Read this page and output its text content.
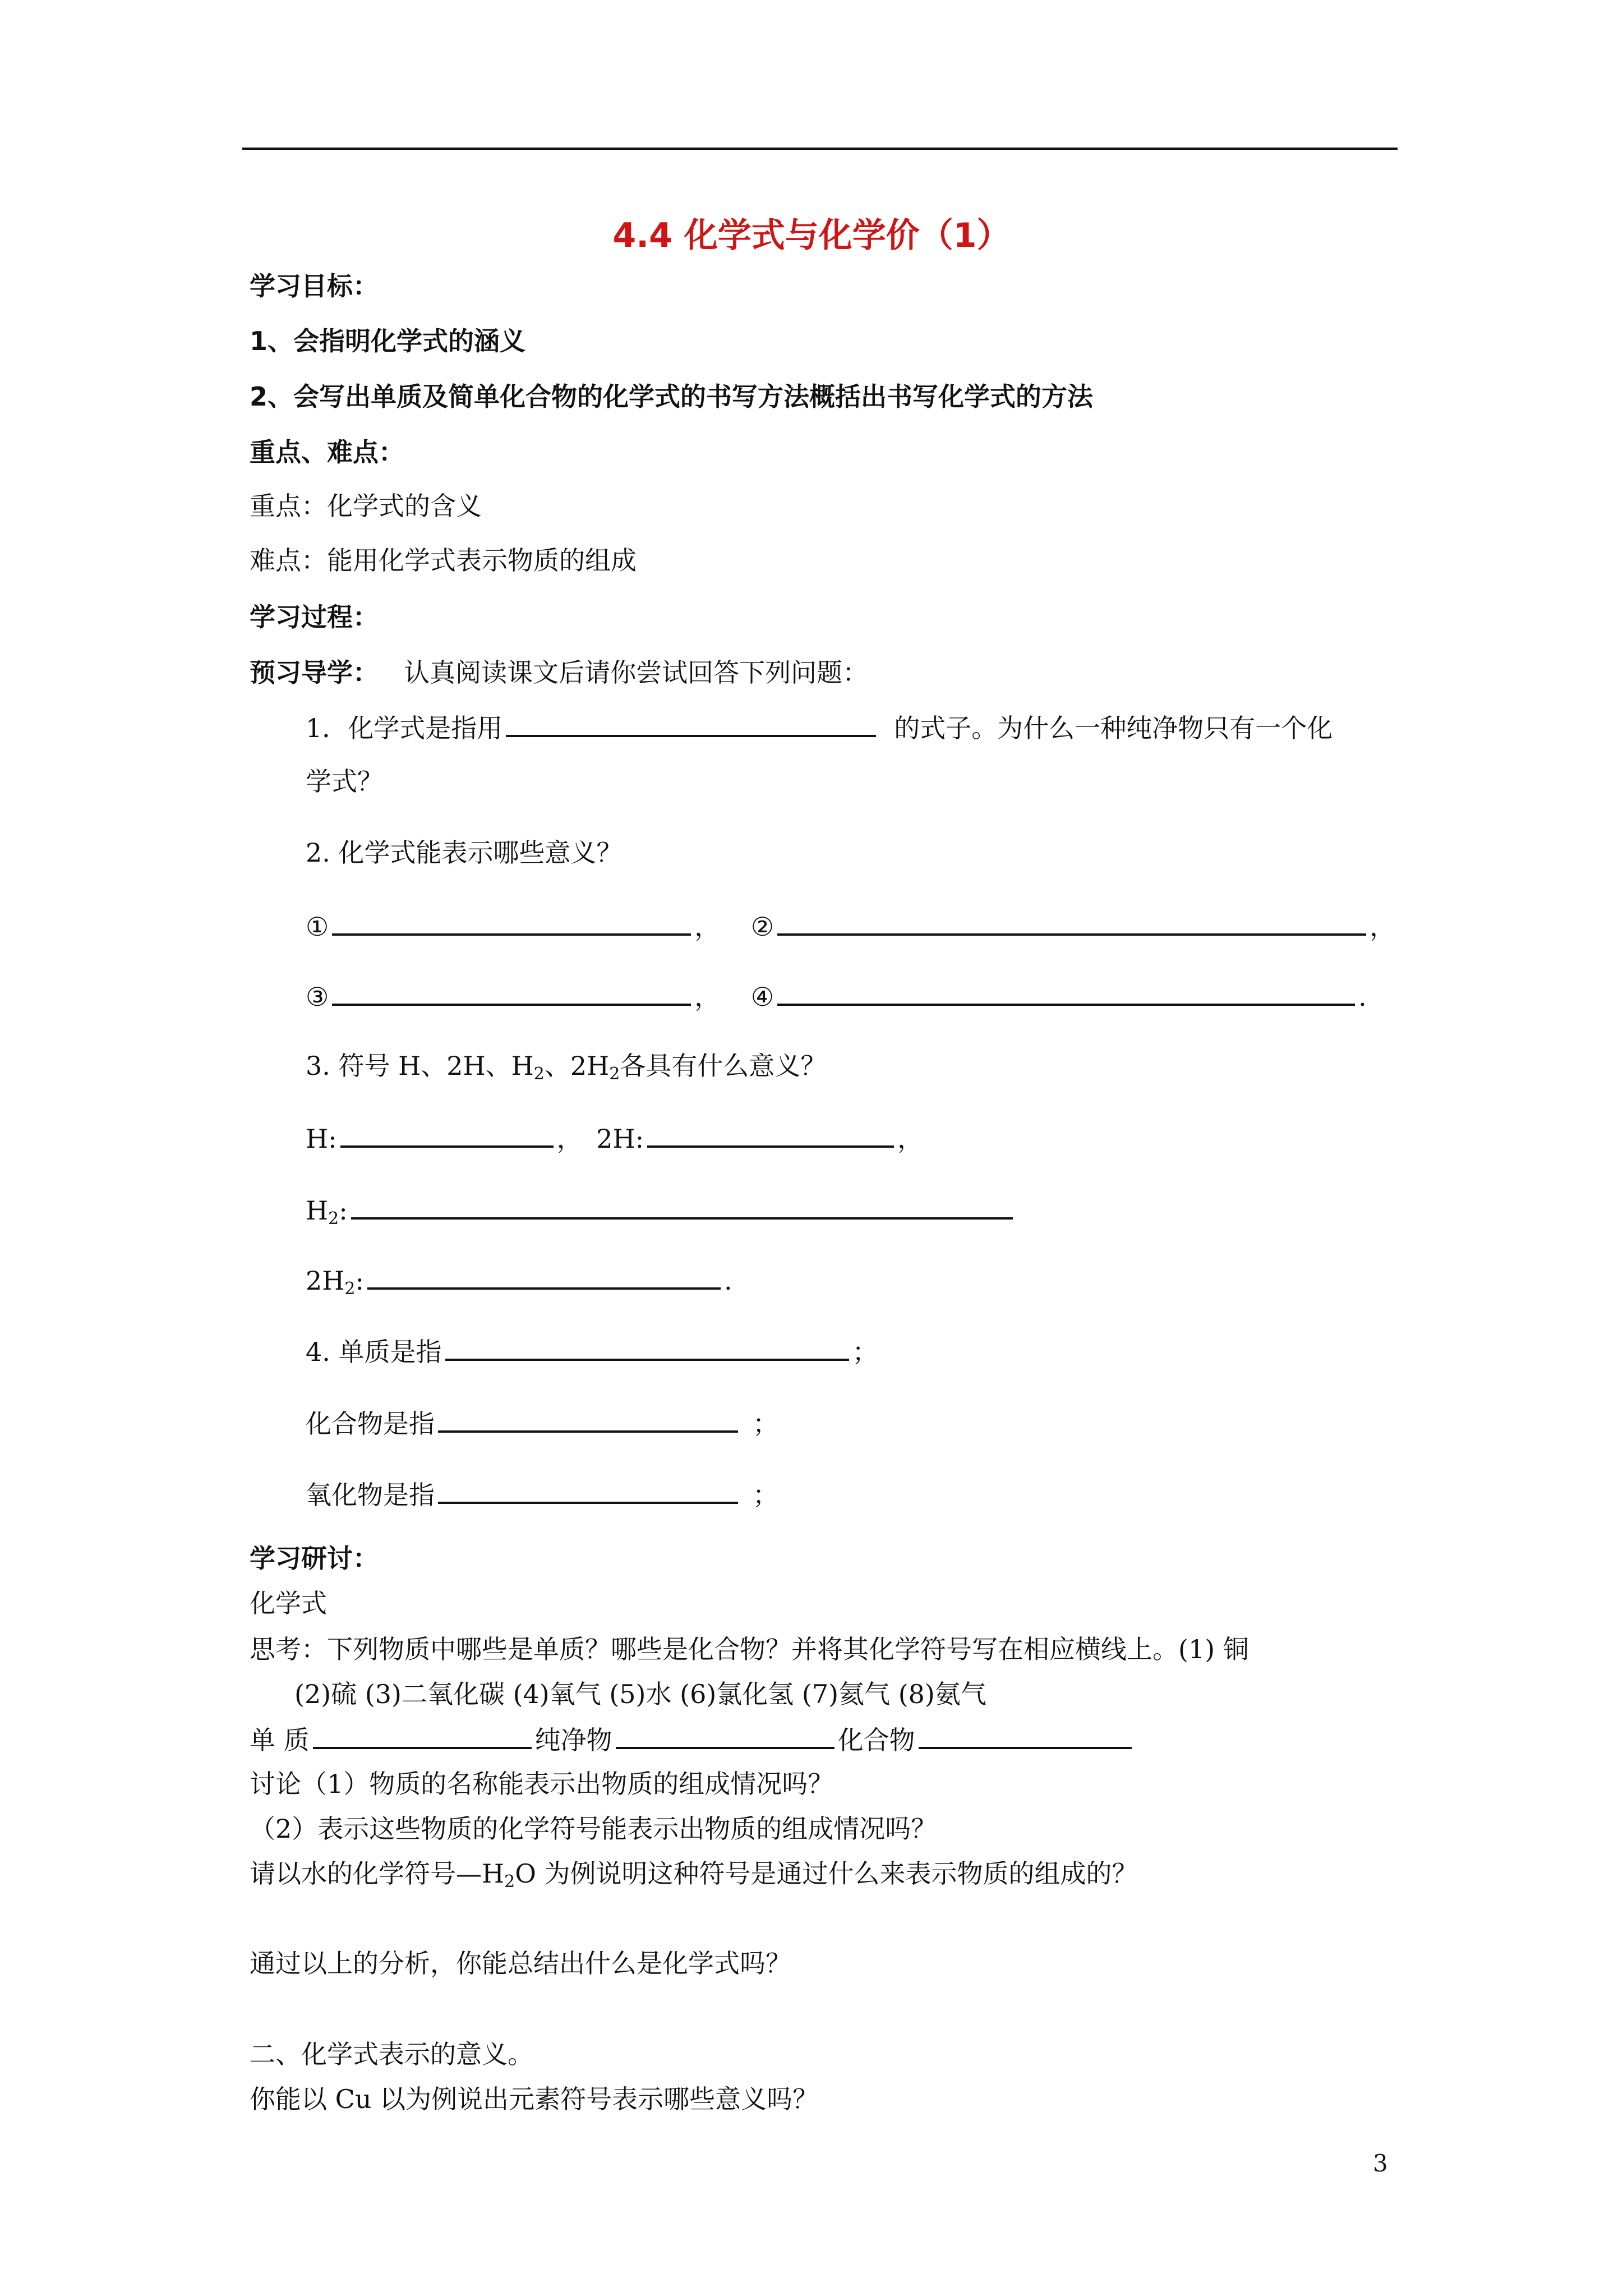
4.4 化学式与化学价（1）
学习目标：
1、会指明化学式的涵义
2、会写出单质及简单化合物的化学式的书写方法概括出书写化学式的方法
重点、难点：
重点：化学式的含义
难点：能用化学式表示物质的组成
学习过程：
预习导学： 认真阅读课文后请你尝试回答下列问题：
1．化学式是指用	的式子。为什么一种纯净物只有一个化
学式？
2. 化学式能表示哪些意义？
①	， ②	，
③	， ④	.
3. 符号 H、2H、$H_2$、$2H_2$各具有什么意义？
H:	， 2H:	，
$H_2$:
$2H_2$:	.
4. 单质是指	；
化合物是指	；
氧化物是指	；
学习研讨：
化学式
思考：下列物质中哪些是单质？哪些是化合物？并将其化学符号写在相应横线上。(1) 铜
(2)硫 (3)二氧化碳 (4)氧气 (5)水 (6)氯化氢 (7)氦气 (8)氨气
单 质	纯净物	化合物
讨论（1）物质的名称能表示出物质的组成情况吗？
（2）表示这些物质的化学符号能表示出物质的组成情况吗？
请以水的化学符号$—H_2O$ 为例说明这种符号是通过什么来表示物质的组成的？
通过以上的分析，你能总结出什么是化学式吗？
二、化学式表示的意义。
你能以 Cu 以为例说出元素符号表示哪些意义吗？
3
